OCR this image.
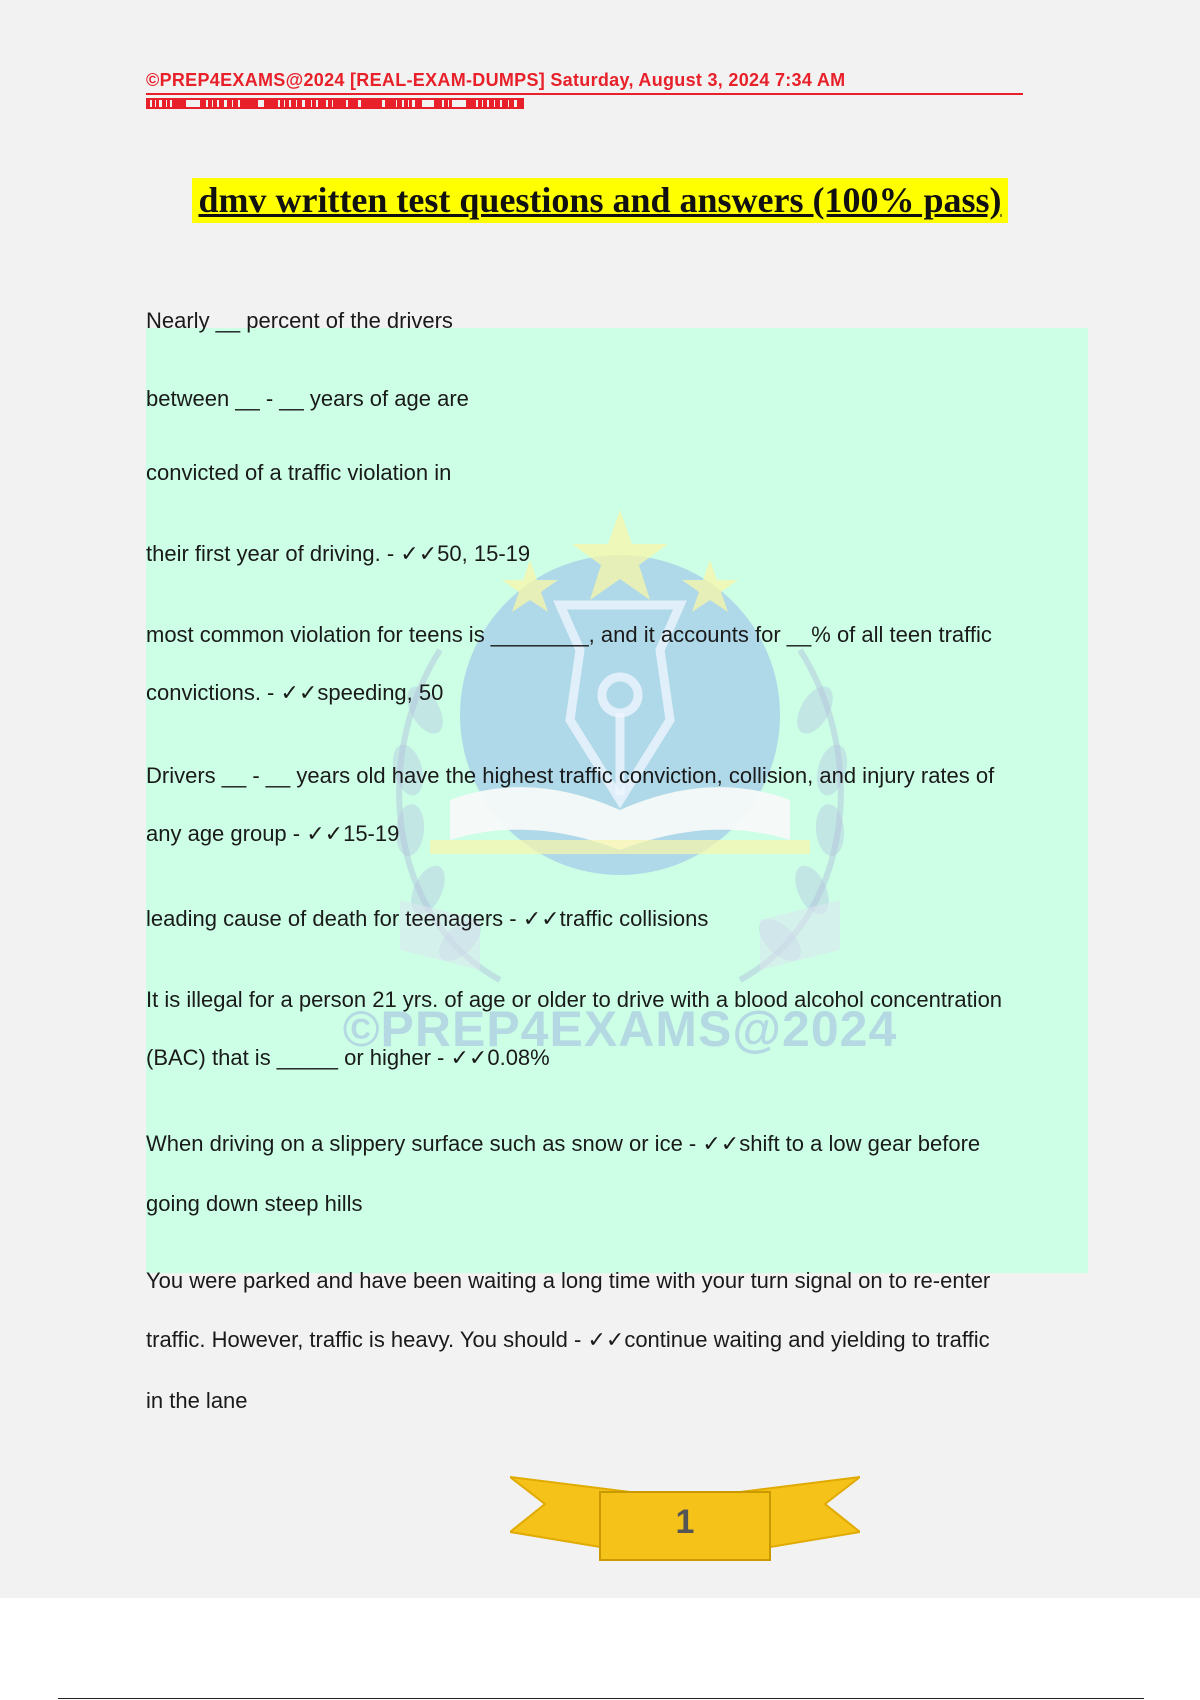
©PREP4EXAMS@2024 [REAL-EXAM-DUMPS] Saturday, August 3, 2024 7:34 AM
dmv written test questions and answers (100% pass)
©PREP4EXAMS@2024
Nearly __ percent of the drivers
between __ - __ years of age are
convicted of a traffic violation in
their first year of driving. - ✓✓50, 15-19
most common violation for teens is ________, and it accounts for __% of all teen traffic
convictions. - ✓✓speeding, 50
Drivers __ - __ years old have the highest traffic conviction, collision, and injury rates of
any age group - ✓✓15-19
leading cause of death for teenagers - ✓✓traffic collisions
It is illegal for a person 21 yrs. of age or older to drive with a blood alcohol concentration
(BAC) that is _____ or higher - ✓✓0.08%
When driving on a slippery surface such as snow or ice - ✓✓shift to a low gear before
going down steep hills
You were parked and have been waiting a long time with your turn signal on to re-enter
traffic. However, traffic is heavy. You should - ✓✓continue waiting and yielding to traffic
in the lane
1
